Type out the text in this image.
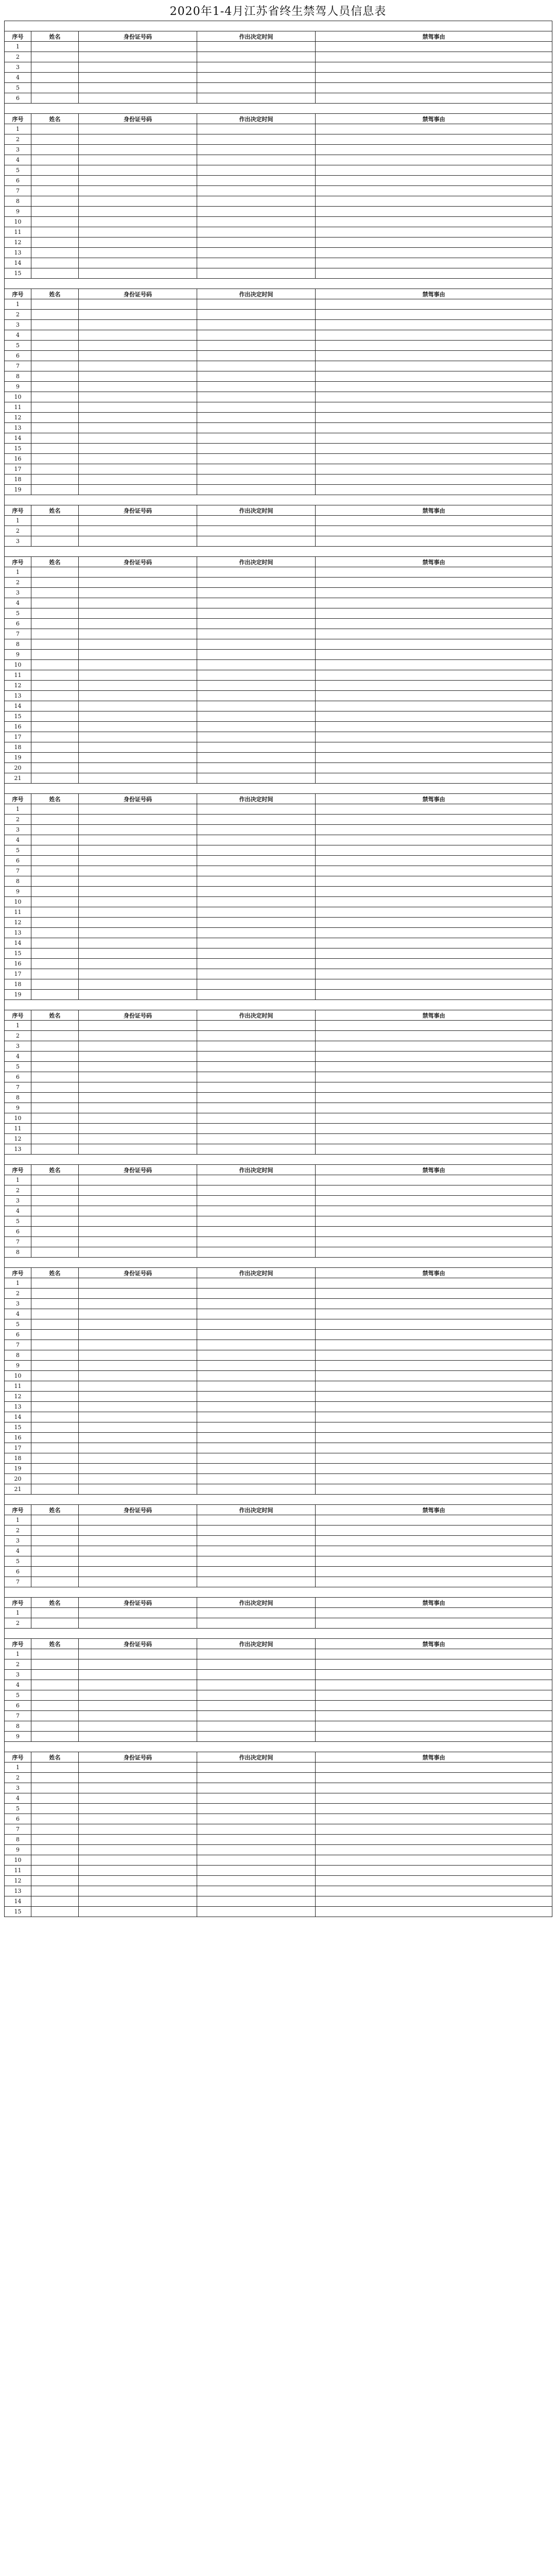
2020年1-4月江苏省终生禁驾人员信息表

序号	姓名	身份证号码	作出决定时间	禁驾事由
1				
2				
3				
4				
5				
6				

序号	姓名	身份证号码	作出决定时间	禁驾事由
1				
2				
3				
4				
5				
6				
7				
8				
9				
10				
11				
12				
13				
14				
15				

序号	姓名	身份证号码	作出决定时间	禁驾事由
1				
2				
3				
4				
5				
6				
7				
8				
9				
10				
11				
12				
13				
14				
15				
16				
17				
18				
19				

序号	姓名	身份证号码	作出决定时间	禁驾事由
1				
2				
3				

序号	姓名	身份证号码	作出决定时间	禁驾事由
1				
2				
3				
4				
5				
6				
7				
8				
9				
10				
11				
12				
13				
14				
15				
16				
17				
18				
19				
20				
21				

序号	姓名	身份证号码	作出决定时间	禁驾事由
1				
2				
3				
4				
5				
6				
7				
8				
9				
10				
11				
12				
13				
14				
15				
16				
17				
18				
19				

序号	姓名	身份证号码	作出决定时间	禁驾事由
1				
2				
3				
4				
5				
6				
7				
8				
9				
10				
11				
12				
13				

序号	姓名	身份证号码	作出决定时间	禁驾事由
1				
2				
3				
4				
5				
6				
7				
8				

序号	姓名	身份证号码	作出决定时间	禁驾事由
1				
2				
3				
4				
5				
6				
7				
8				
9				
10				
11				
12				
13				
14				
15				
16				
17				
18				
19				
20				
21				

序号	姓名	身份证号码	作出决定时间	禁驾事由
1				
2				
3				
4				
5				
6				
7				

序号	姓名	身份证号码	作出决定时间	禁驾事由
1				
2				

序号	姓名	身份证号码	作出决定时间	禁驾事由
1				
2				
3				
4				
5				
6				
7				
8				
9				

序号	姓名	身份证号码	作出决定时间	禁驾事由
1				
2				
3				
4				
5				
6				
7				
8				
9				
10				
11				
12				
13				
14				
15				
